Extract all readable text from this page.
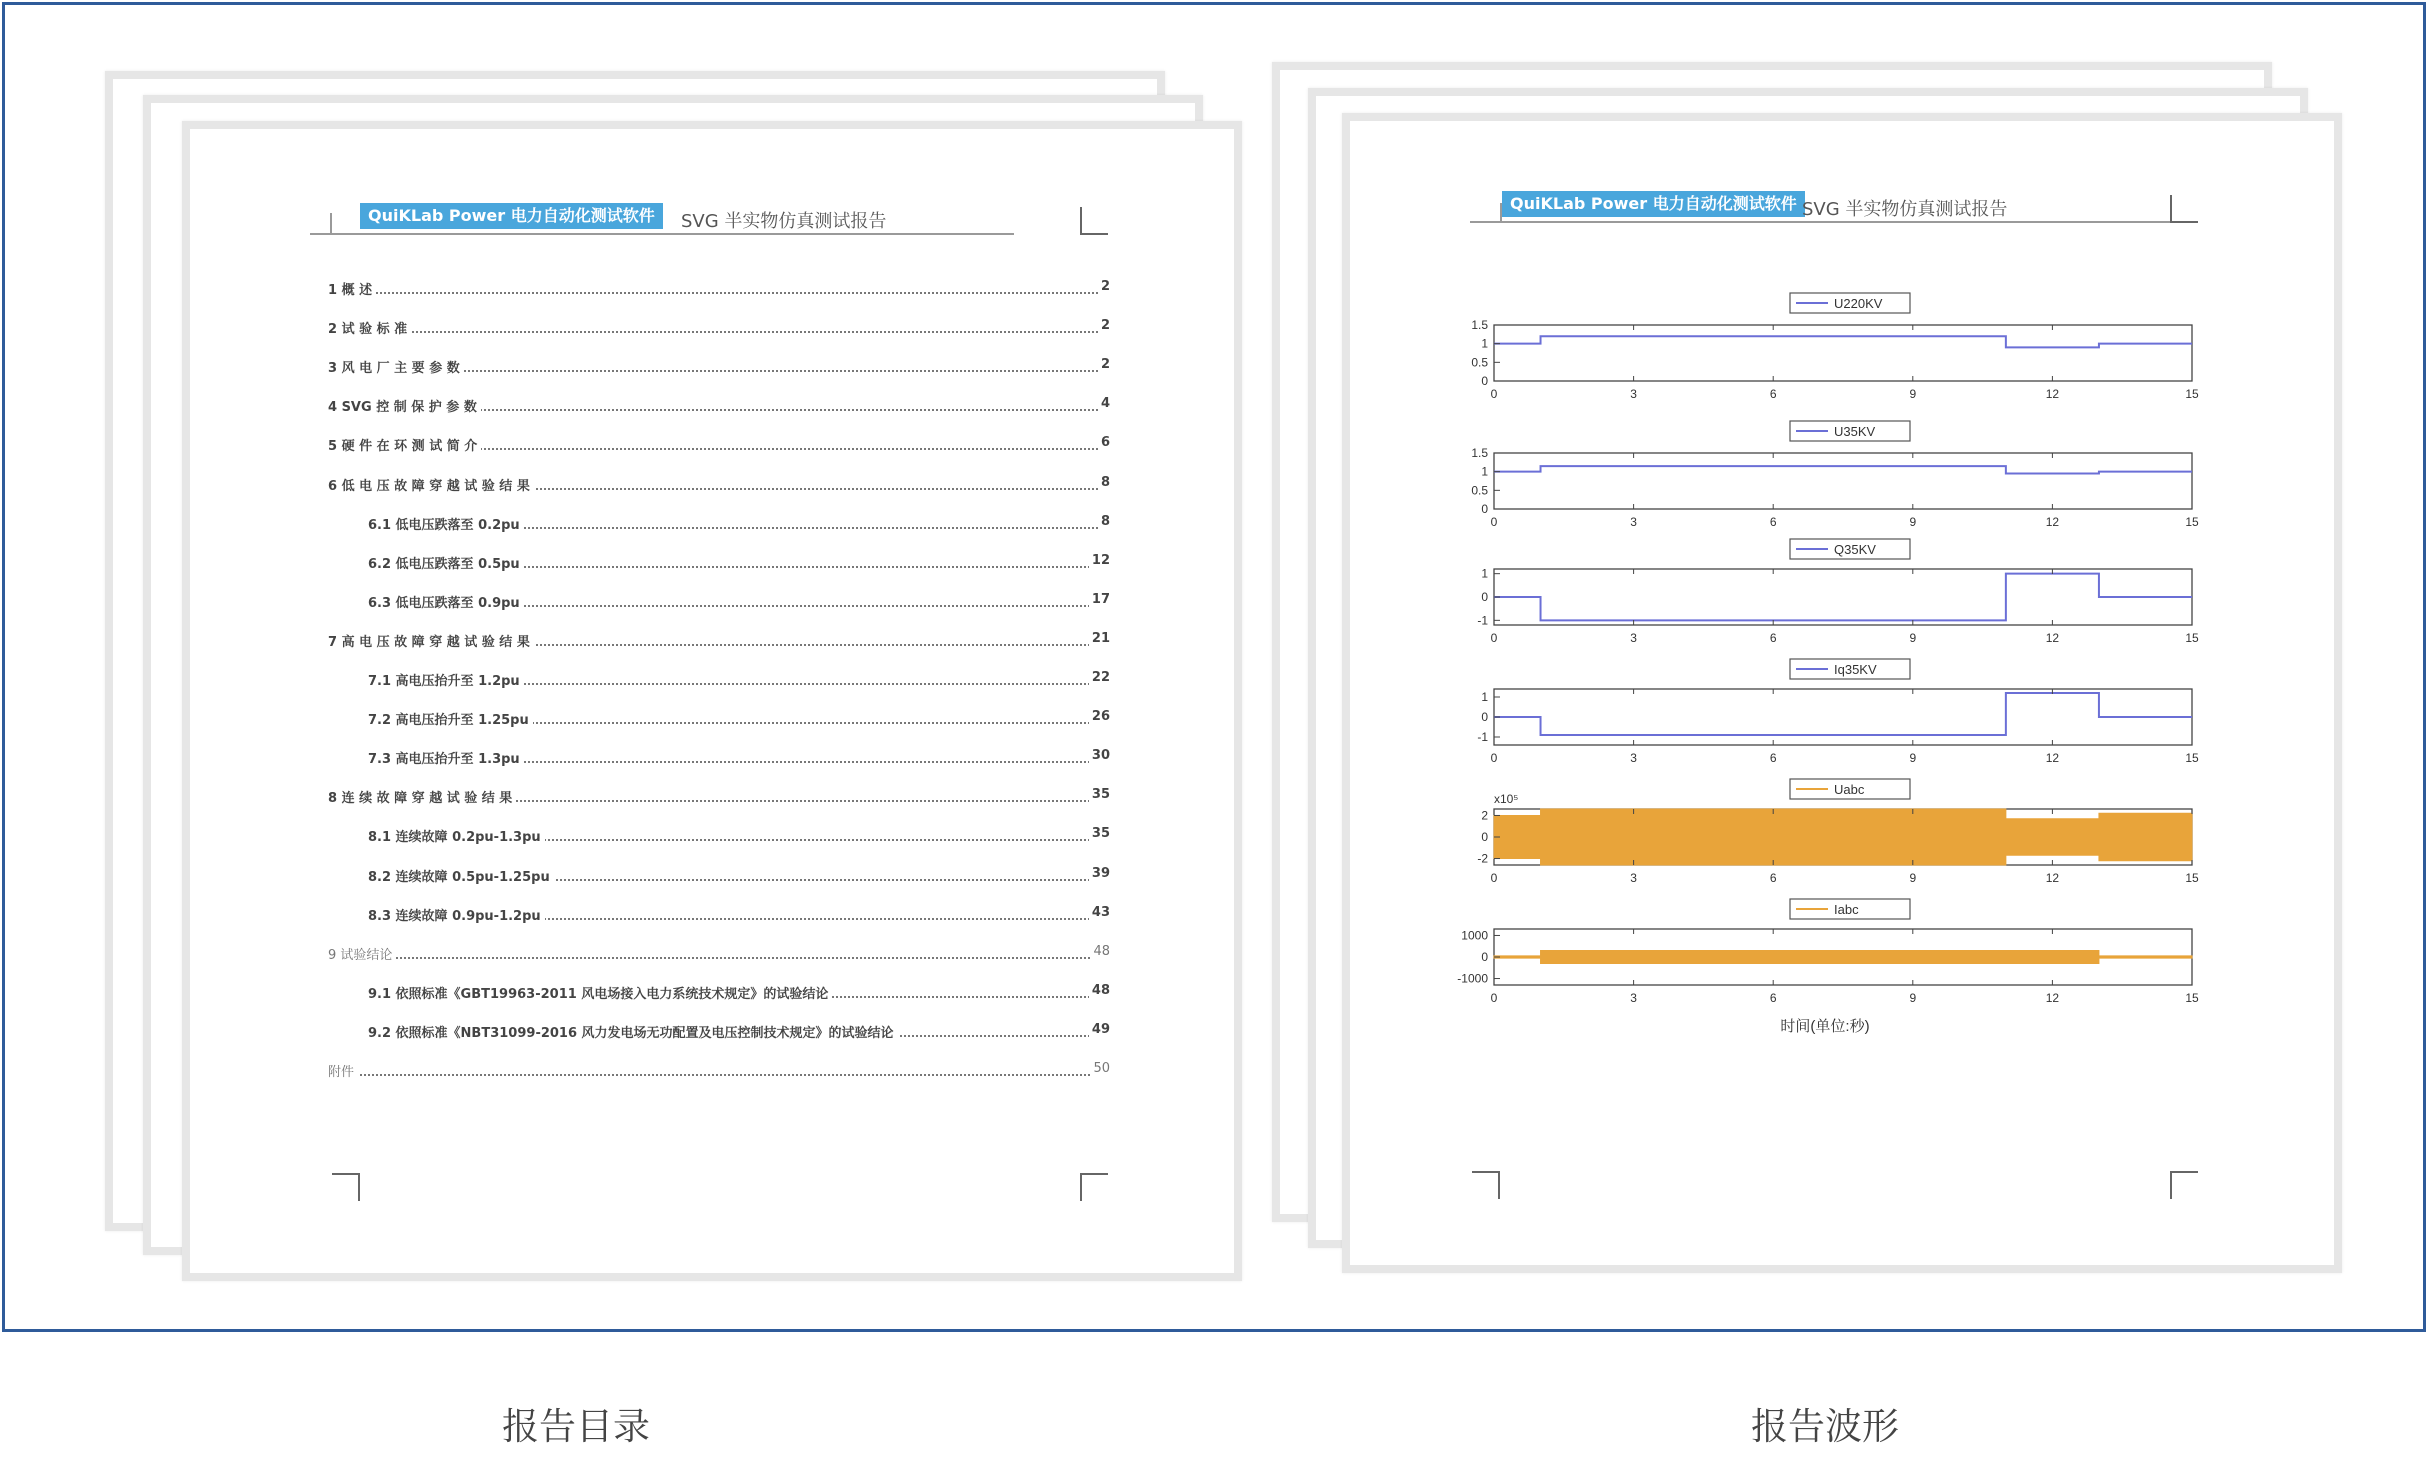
QuiKLab Power 电力自动化测试软件	SVG 半实物仿真测试报告
1 概 述	2
2 试 验 标 准	2
3 风 电 厂 主 要 参 数	2
4 SVG 控 制 保 护 参 数	4
5 硬 件 在 环 测 试 简 介	6
6 低 电 压 故 障 穿 越 试 验 结 果	8
6.1 低电压跌落至 0.2pu	8
6.2 低电压跌落至 0.5pu	12
6.3 低电压跌落至 0.9pu	17
7 高 电 压 故 障 穿 越 试 验 结 果	21
7.1 高电压抬升至 1.2pu	22
7.2 高电压抬升至 1.25pu	26
7.3 高电压抬升至 1.3pu	30
8 连 续 故 障 穿 越 试 验 结 果	35
8.1 连续故障 0.2pu-1.3pu	35
8.2 连续故障 0.5pu-1.25pu	39
8.3 连续故障 0.9pu-1.2pu	43
9 试验结论	48
9.1 依照标准《GBT19963-2011 风电场接入电力系统技术规定》的试验结论	48
9.2 依照标准《NBT31099-2016 风力发电场无功配置及电压控制技术规定》的试验结论	49
附件	50
QuiKLab Power 电力自动化测试软件 SVG 半实物仿真测试报告
U220KV
1.5
1
0.5
0
0	3	6	9	12	15
U35KV
1.5
1
0.5
0
0	3	6	9	12	15
Q35KV
1
0
-1
0	3	6	9	12	15
Iq35KV
1
0
-1
0	3	6	9	12	15
Uabc
2
0
-2
0	3	6	9	12	15
x10⁵
Iabc
1000
0
-1000
0	3	6	9	12	15
时间(单位:秒)
报告目录	报告波形
